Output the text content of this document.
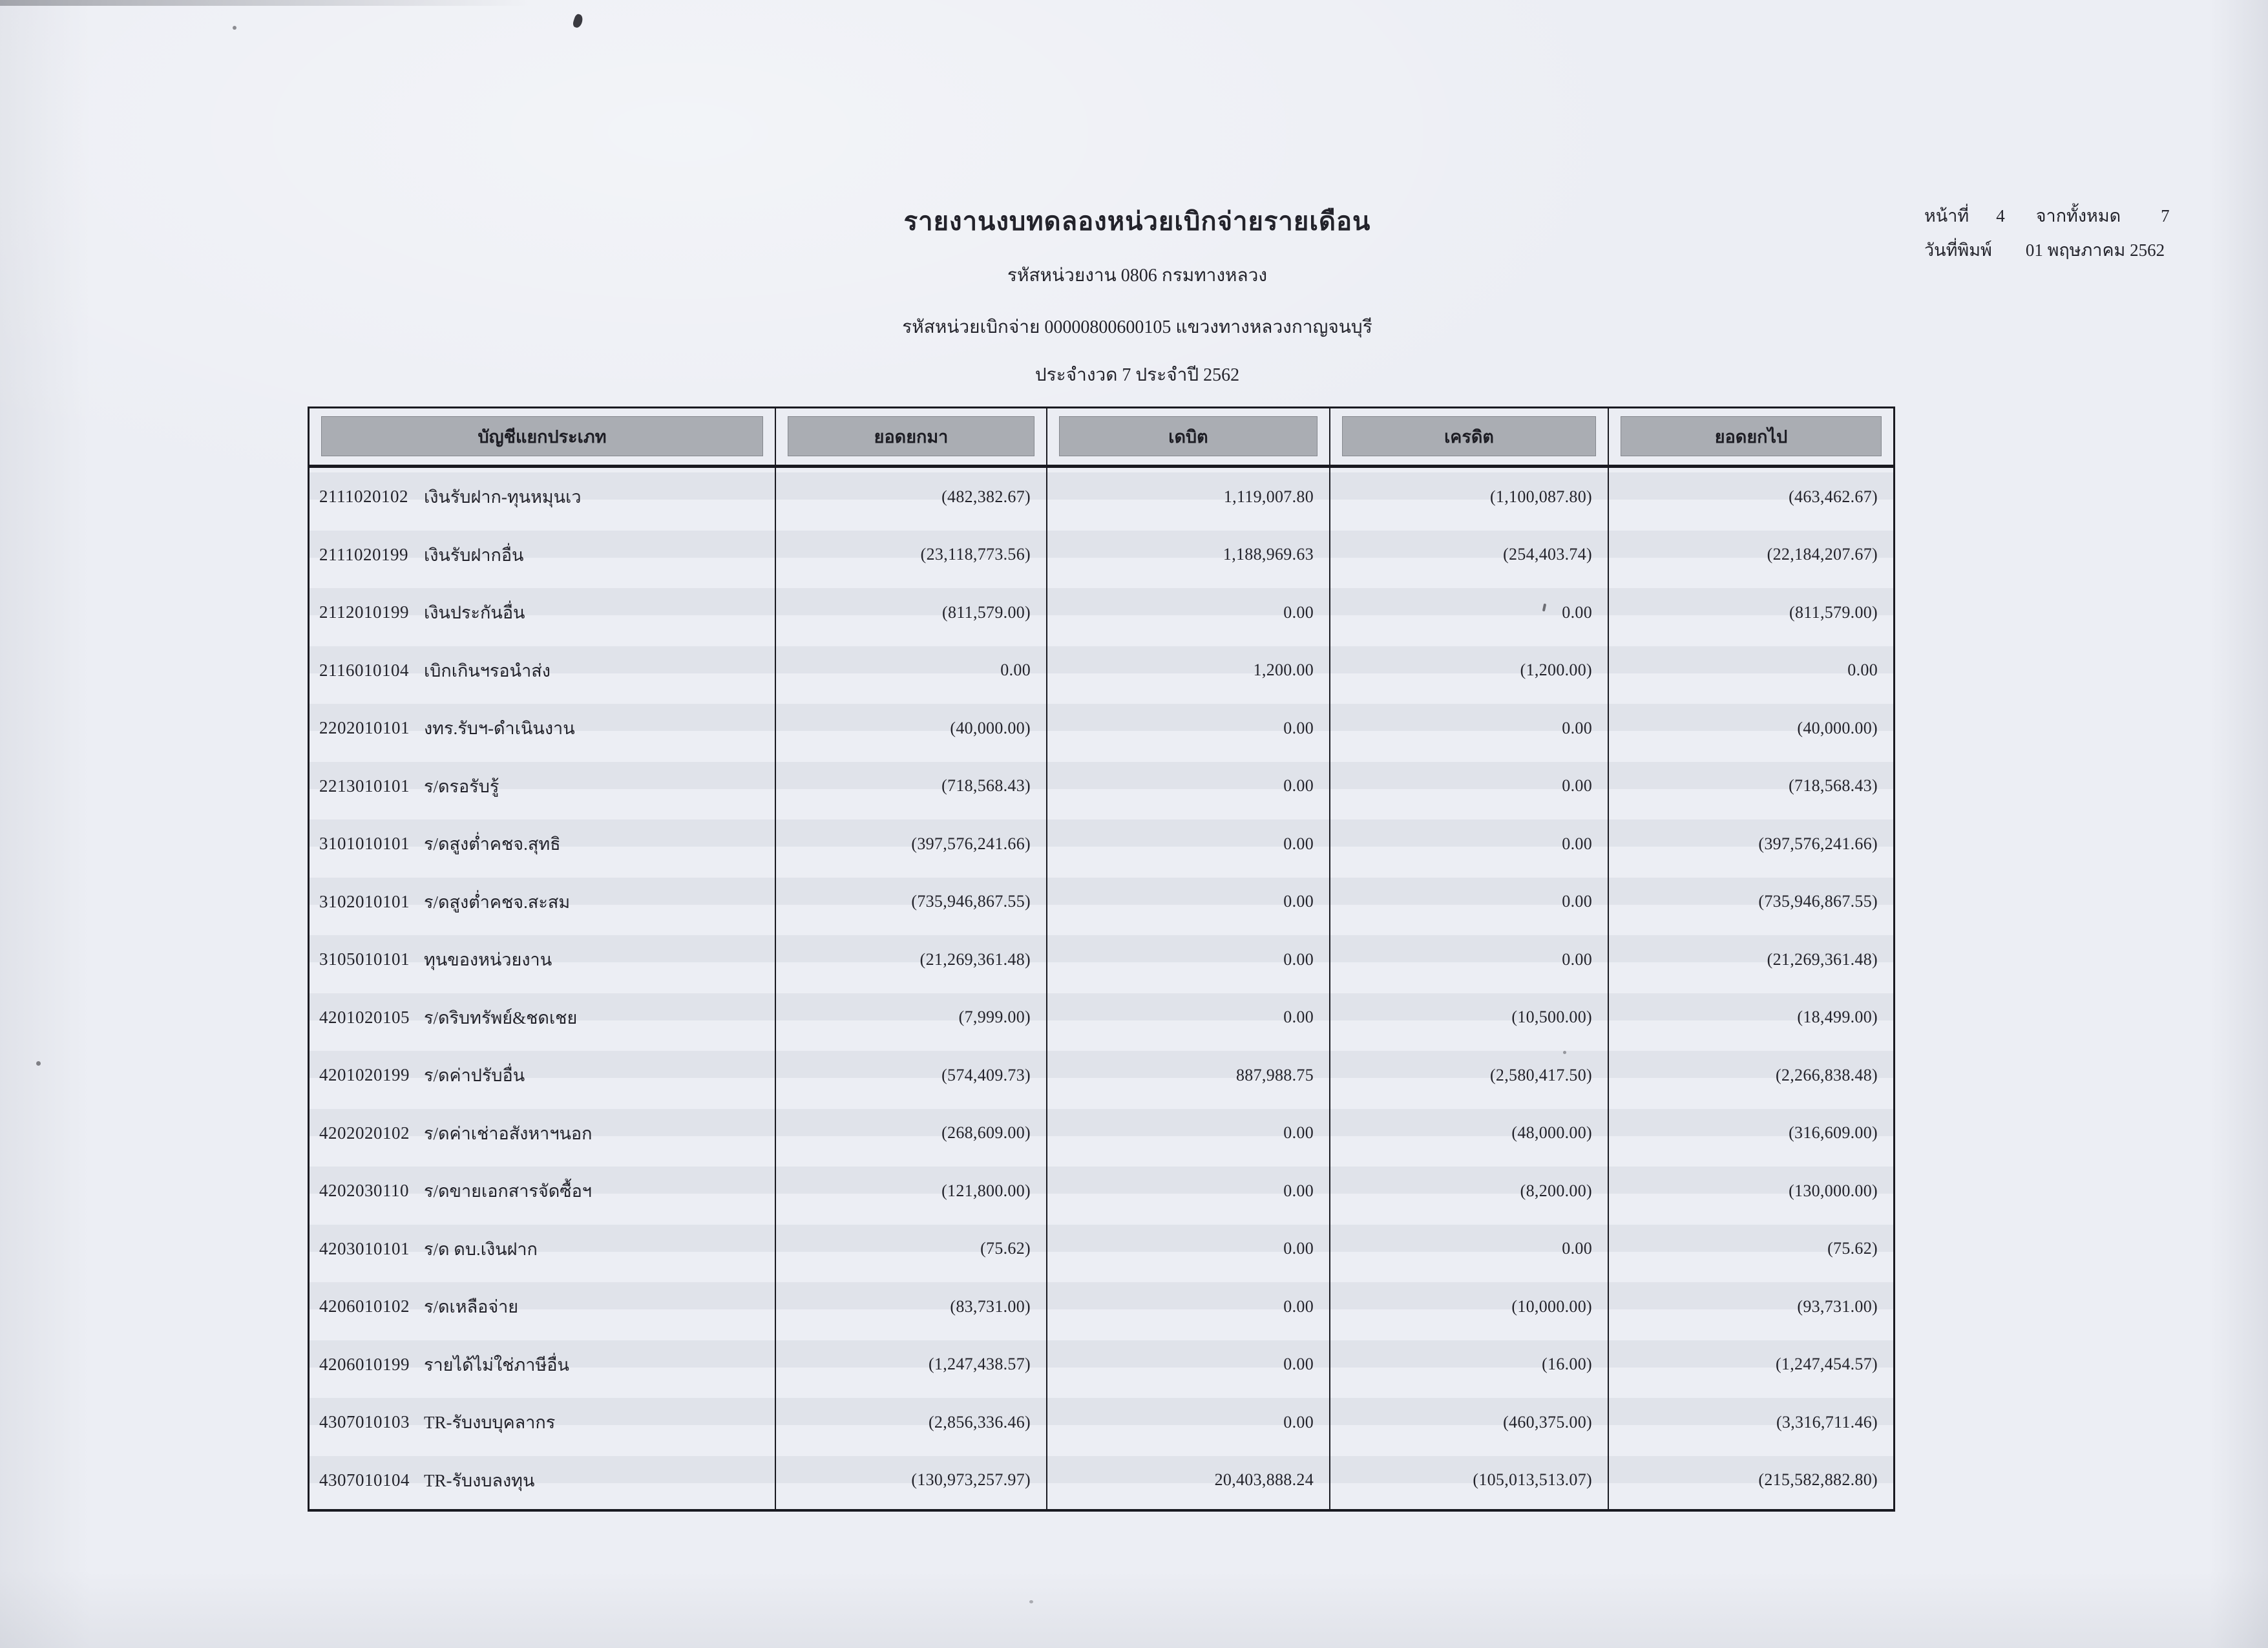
รายงานงบทดลองหน่วยเบิกจ่ายรายเดือน
รหัสหน่วยงาน 0806 กรมทางหลวง
รหัสหน่วยเบิกจ่าย 00000800600105 แขวงทางหลวงกาญจนบุรี
ประจำงวด 7 ประจำปี 2562
หน้าที่ 4 จากทั้งหมด 7
วันที่พิมพ์ 01 พฤษภาคม 2562
บัญชีแยกประเภท	ยอดยกมา	เดบิต	เครดิต	ยอดยกไป
2111020102 เงินรับฝาก-ทุนหมุนเว	(482,382.67)	1,119,007.80	(1,100,087.80)	(463,462.67)
2111020199 เงินรับฝากอื่น	(23,118,773.56)	1,188,969.63	(254,403.74)	(22,184,207.67)
2112010199 เงินประกันอื่น	(811,579.00)	0.00	0.00	(811,579.00)
2116010104 เบิกเกินฯรอนำส่ง	0.00	1,200.00	(1,200.00)	0.00
2202010101 งทร.รับฯ-ดำเนินงาน	(40,000.00)	0.00	0.00	(40,000.00)
2213010101 ร/ดรอรับรู้	(718,568.43)	0.00	0.00	(718,568.43)
3101010101 ร/ดสูงต่ำคชจ.สุทธิ	(397,576,241.66)	0.00	0.00	(397,576,241.66)
3102010101 ร/ดสูงต่ำคชจ.สะสม	(735,946,867.55)	0.00	0.00	(735,946,867.55)
3105010101 ทุนของหน่วยงาน	(21,269,361.48)	0.00	0.00	(21,269,361.48)
4201020105 ร/ดริบทรัพย์&ชดเชย	(7,999.00)	0.00	(10,500.00)	(18,499.00)
4201020199 ร/ดค่าปรับอื่น	(574,409.73)	887,988.75	(2,580,417.50)	(2,266,838.48)
4202020102 ร/ดค่าเช่าอสังหาฯนอก	(268,609.00)	0.00	(48,000.00)	(316,609.00)
4202030110 ร/ดขายเอกสารจัดซื้อฯ	(121,800.00)	0.00	(8,200.00)	(130,000.00)
4203010101 ร/ด ดบ.เงินฝาก	(75.62)	0.00	0.00	(75.62)
4206010102 ร/ดเหลือจ่าย	(83,731.00)	0.00	(10,000.00)	(93,731.00)
4206010199 รายได้ไม่ใช่ภาษีอื่น	(1,247,438.57)	0.00	(16.00)	(1,247,454.57)
4307010103 TR-รับงบบุคลากร	(2,856,336.46)	0.00	(460,375.00)	(3,316,711.46)
4307010104 TR-รับงบลงทุน	(130,973,257.97)	20,403,888.24	(105,013,513.07)	(215,582,882.80)
